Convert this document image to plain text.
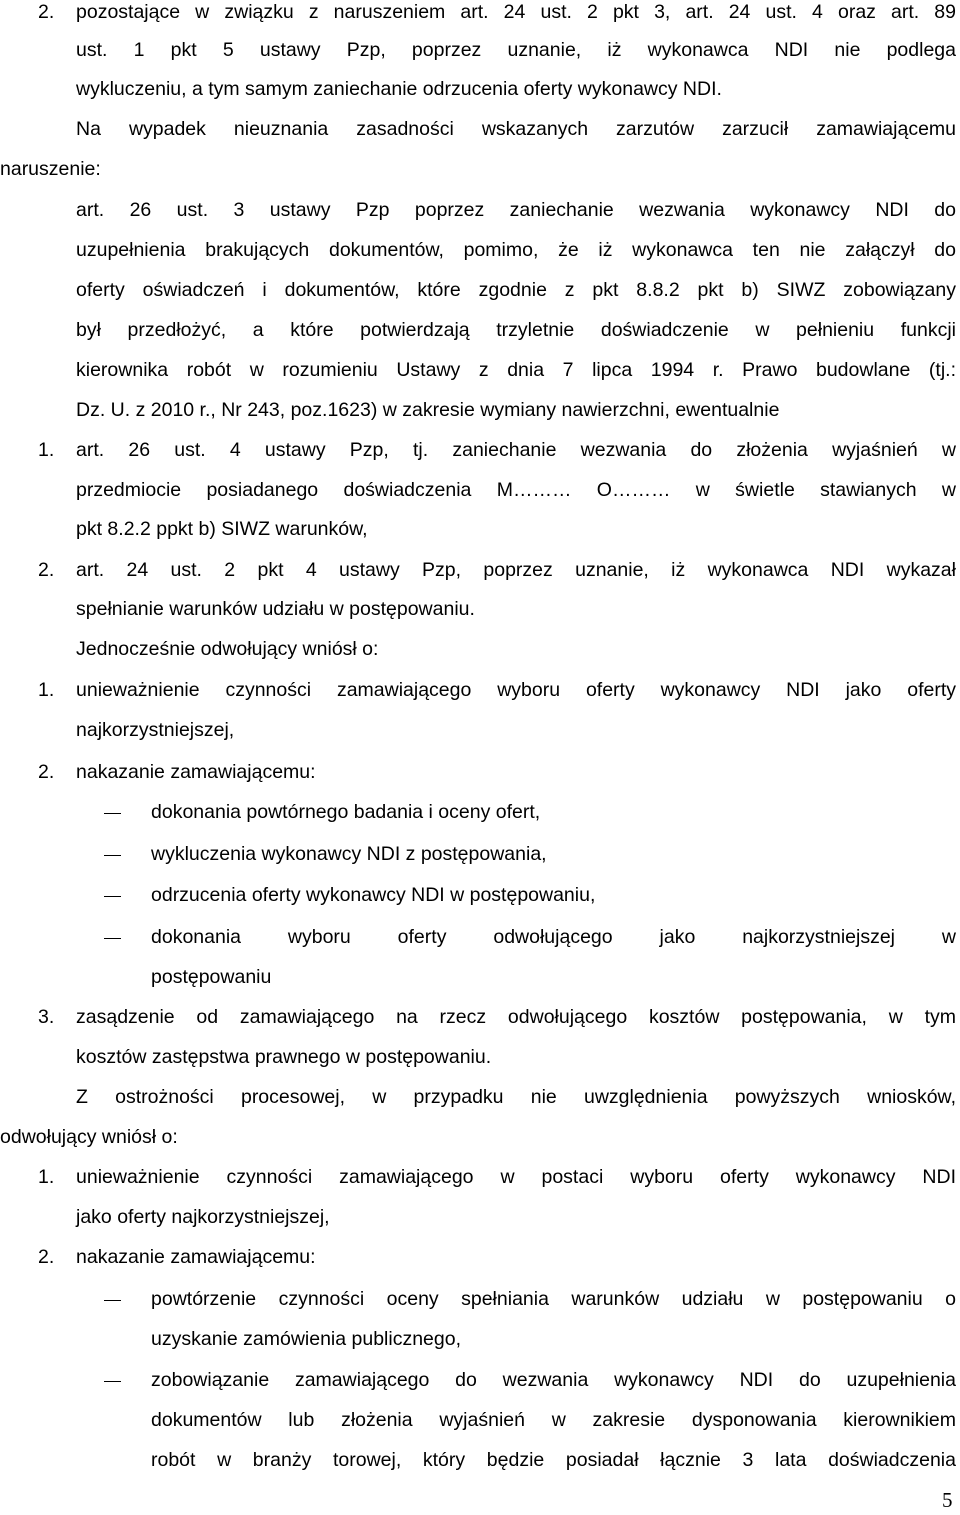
2. pozostające w związku z naruszeniem art. 24 ust. 2 pkt 3, art. 24 ust. 4 oraz art. 89
ust. 1 pkt 5 ustawy Pzp, poprzez uznanie, iż wykonawca NDI nie podlega
wykluczeniu, a tym samym zaniechanie odrzucenia oferty wykonawcy NDI.
Na wypadek nieuznania zasadności wskazanych zarzutów zarzucił zamawiającemu
naruszenie:
art. 26 ust. 3 ustawy Pzp poprzez zaniechanie wezwania wykonawcy NDI do
uzupełnienia brakujących dokumentów, pomimo, że iż wykonawca ten nie załączył do
oferty oświadczeń i dokumentów, które zgodnie z pkt 8.8.2 pkt b) SIWZ zobowiązany
był przedłożyć, a które potwierdzają trzyletnie doświadczenie w pełnieniu funkcji
kierownika robót w rozumieniu Ustawy z dnia 7 lipca 1994 r. Prawo budowlane (tj.:
Dz. U. z 2010 r., Nr 243, poz.1623) w zakresie wymiany nawierzchni, ewentualnie
1. art. 26 ust. 4 ustawy Pzp, tj. zaniechanie wezwania do złożenia wyjaśnień w
przedmiocie posiadanego doświadczenia M……… O……… w świetle stawianych w
pkt 8.2.2 ppkt b) SIWZ warunków,
2. art. 24 ust. 2 pkt 4 ustawy Pzp, poprzez uznanie, iż wykonawca NDI wykazał
spełnianie warunków udziału w postępowaniu.
Jednocześnie odwołujący wniósł o:
1. unieważnienie czynności zamawiającego wyboru oferty wykonawcy NDI jako oferty
najkorzystniejszej,
2. nakazanie zamawiającemu:
dokonania powtórnego badania i oceny ofert,
wykluczenia wykonawcy NDI z postępowania,
odrzucenia oferty wykonawcy NDI w postępowaniu,
dokonania wyboru oferty odwołującego jako najkorzystniejszej w
postępowaniu
3. zasądzenie od zamawiającego na rzecz odwołującego kosztów postępowania, w tym
kosztów zastępstwa prawnego w postępowaniu.
Z ostrożności procesowej, w przypadku nie uwzględnienia powyższych wniosków,
odwołujący wniósł o:
1. unieważnienie czynności zamawiającego w postaci wyboru oferty wykonawcy NDI
jako oferty najkorzystniejszej,
2. nakazanie zamawiającemu:
powtórzenie czynności oceny spełniania warunków udziału w postępowaniu o
uzyskanie zamówienia publicznego,
zobowiązanie zamawiającego do wezwania wykonawcy NDI do uzupełnienia
dokumentów lub złożenia wyjaśnień w zakresie dysponowania kierownikiem
robót w branży torowej, który będzie posiadał łącznie 3 lata doświadczenia
5
